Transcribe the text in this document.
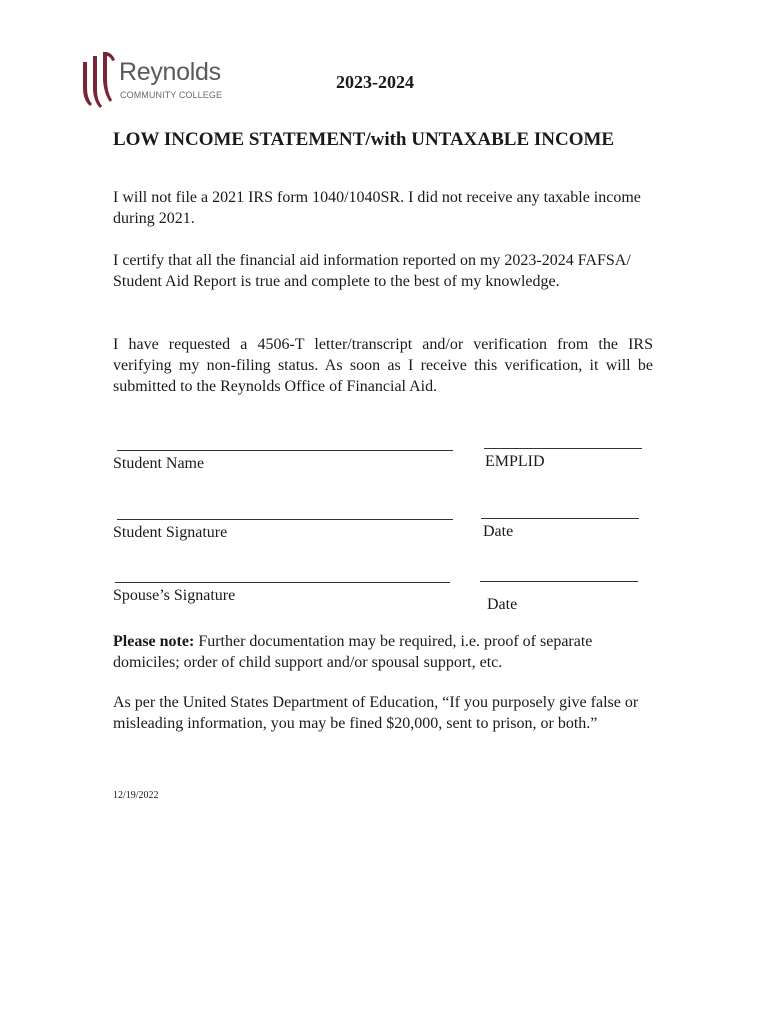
Reynolds
COMMUNITY COLLEGE
2023-2024
LOW INCOME STATEMENT/with UNTAXABLE INCOME
I will not file a 2021 IRS form 1040/1040SR. I did not receive any taxable income during 2021.
I certify that all the financial aid information reported on my 2023-2024 FAFSA/ Student Aid Report is true and complete to the best of my knowledge.
I have requested a 4506-T letter/transcript and/or verification from the IRS verifying my non-filing status. As soon as I receive this verification, it will be submitted to the Reynolds Office of Financial Aid.
Student Name	EMPLID
Student Signature	Date
Spouse’s Signature
Date
Please note: Further documentation may be required, i.e. proof of separate domiciles; order of child support and/or spousal support, etc.
As per the United States Department of Education, “If you purposely give false or misleading information, you may be fined $20,000, sent to prison, or both.”
12/19/2022
